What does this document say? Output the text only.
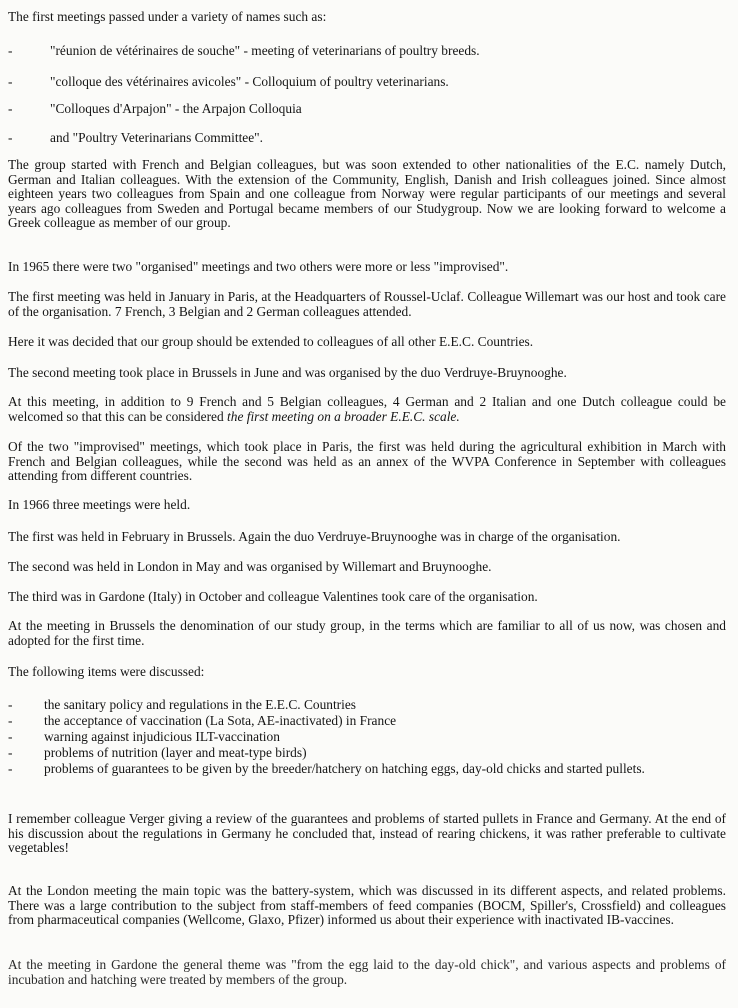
The first meetings passed under a variety of names such as:

-	"réunion de vétérinaires de souche" - meeting of veterinarians of poultry breeds.
-	"colloque des vétérinaires avicoles" - Colloquium of poultry veterinarians.
-	"Colloques d'Arpajon" - the Arpajon Colloquia
-	and "Poultry Veterinarians Committee".

The group started with French and Belgian colleagues, but was soon extended to other nationalities of the E.C. namely Dutch, German and Italian colleagues. With the extension of the Community, English, Danish and Irish colleagues joined. Since almost eighteen years two colleagues from Spain and one colleague from Norway were regular participants of our meetings and several years ago colleagues from Sweden and Portugal became members of our Studygroup. Now we are looking forward to welcome a Greek colleague as member of our group.

In 1965 there were two "organised" meetings and two others were more or less "improvised".

The first meeting was held in January in Paris, at the Headquarters of Roussel-Uclaf. Colleague Willemart was our host and took care of the organisation. 7 French, 3 Belgian and 2 German colleagues attended.

Here it was decided that our group should be extended to colleagues of all other E.E.C. Countries.

The second meeting took place in Brussels in June and was organised by the duo Verdruye-Bruynooghe.

At this meeting, in addition to 9 French and 5 Belgian colleagues, 4 German and 2 Italian and one Dutch colleague could be welcomed so that this can be considered the first meeting on a broader E.E.C. scale.

Of the two "improvised" meetings, which took place in Paris, the first was held during the agricultural exhibition in March with French and Belgian colleagues, while the second was held as an annex of the WVPA Conference in September with colleagues attending from different countries.

In 1966 three meetings were held.

The first was held in February in Brussels. Again the duo Verdruye-Bruynooghe was in charge of the organisation.

The second was held in London in May and was organised by Willemart and Bruynooghe.

The third was in Gardone (Italy) in October and colleague Valentines took care of the organisation.

At the meeting in Brussels the denomination of our study group, in the terms which are familiar to all of us now, was chosen and adopted for the first time.

The following items were discussed:

-	the sanitary policy and regulations in the E.E.C. Countries
-	the acceptance of vaccination (La Sota, AE-inactivated) in France
-	warning against injudicious ILT-vaccination
-	problems of nutrition (layer and meat-type birds)
-	problems of guarantees to be given by the breeder/hatchery on hatching eggs, day-old chicks and started pullets.

I remember colleague Verger giving a review of the guarantees and problems of started pullets in France and Germany. At the end of his discussion about the regulations in Germany he concluded that, instead of rearing chickens, it was rather preferable to cultivate vegetables!

At the London meeting the main topic was the battery-system, which was discussed in its different aspects, and related problems. There was a large contribution to the subject from staff-members of feed companies (BOCM, Spiller's, Crossfield) and colleagues from pharmaceutical companies (Wellcome, Glaxo, Pfizer) informed us about their experience with inactivated IB-vaccines.

At the meeting in Gardone the general theme was "from the egg laid to the day-old chick", and various aspects and problems of incubation and hatching were treated by members of the group.
